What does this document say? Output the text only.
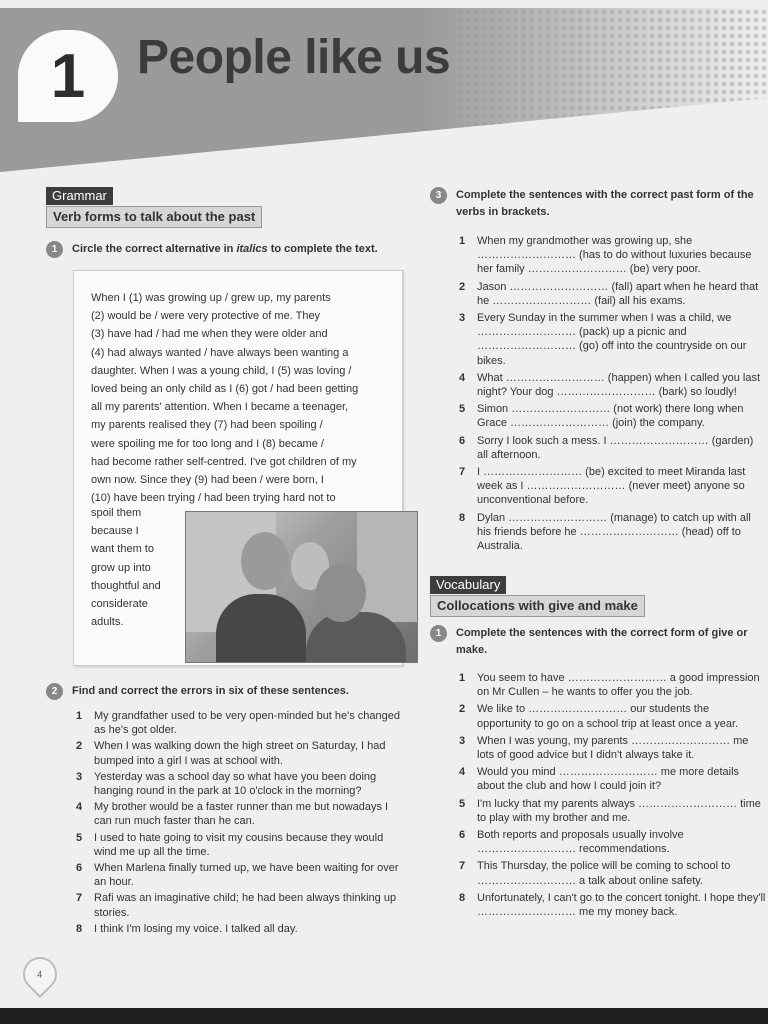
1	People like us
Grammar
Verb forms to talk about the past
1	Circle the correct alternative in italics to complete the text.
When I (1) was growing up / grew up, my parents
(2) would be / were very protective of me. They
(3) have had / had me when they were older and
(4) had always wanted / have always been wanting a
daughter. When I was a young child, I (5) was loving /
loved being an only child as I (6) got / had been getting
all my parents' attention. When I became a teenager,
my parents realised they (7) had been spoiling /
were spoiling me for too long and I (8) became /
had become rather self-centred. I've got children of my
own now. Since they (9) had been / were born, I
(10) have been trying / had been trying hard not to
spoil them
because I
want them to
grow up into
thoughtful and
considerate
adults.
2	Find and correct the errors in six of these sentences.
1	My grandfather used to be very open-minded but he's changed as he's got older.
2	When I was walking down the high street on Saturday, I had bumped into a girl I was at school with.
3	Yesterday was a school day so what have you been doing hanging round in the park at 10 o'clock in the morning?
4	My brother would be a faster runner than me but nowadays I can run much faster than he can.
5	I used to hate going to visit my cousins because they would wind me up all the time.
6	When Marlena finally turned up, we have been waiting for over an hour.
7	Rafi was an imaginative child; he had been always thinking up stories.
8	I think I'm losing my voice. I talked all day.
3	Complete the sentences with the correct past form of the verbs in brackets.
1	When my grandmother was growing up, she ……………………… (has to do without luxuries because her family ……………………… (be) very poor.
2	Jason ……………………… (fall) apart when he heard that he ……………………… (fail) all his exams.
3	Every Sunday in the summer when I was a child, we ……………………… (pack) up a picnic and ……………………… (go) off into the countryside on our bikes.
4	What ……………………… (happen) when I called you last night? Your dog ……………………… (bark) so loudly!
5	Simon ……………………… (not work) there long when Grace ……………………… (join) the company.
6	Sorry I look such a mess. I ……………………… (garden) all afternoon.
7	I ……………………… (be) excited to meet Miranda last week as I ……………………… (never meet) anyone so unconventional before.
8	Dylan ……………………… (manage) to catch up with all his friends before he ……………………… (head) off to Australia.
Vocabulary
Collocations with give and make
1	Complete the sentences with the correct form of give or make.
1	You seem to have ……………………… a good impression on Mr Cullen – he wants to offer you the job.
2	We like to ……………………… our students the opportunity to go on a school trip at least once a year.
3	When I was young, my parents ……………………… me lots of good advice but I didn't always take it.
4	Would you mind ……………………… me more details about the club and how I could join it?
5	I'm lucky that my parents always ……………………… time to play with my brother and me.
6	Both reports and proposals usually involve ……………………… recommendations.
7	This Thursday, the police will be coming to school to ……………………… a talk about online safety.
8	Unfortunately, I can't go to the concert tonight. I hope they'll ……………………… me my money back.
4
